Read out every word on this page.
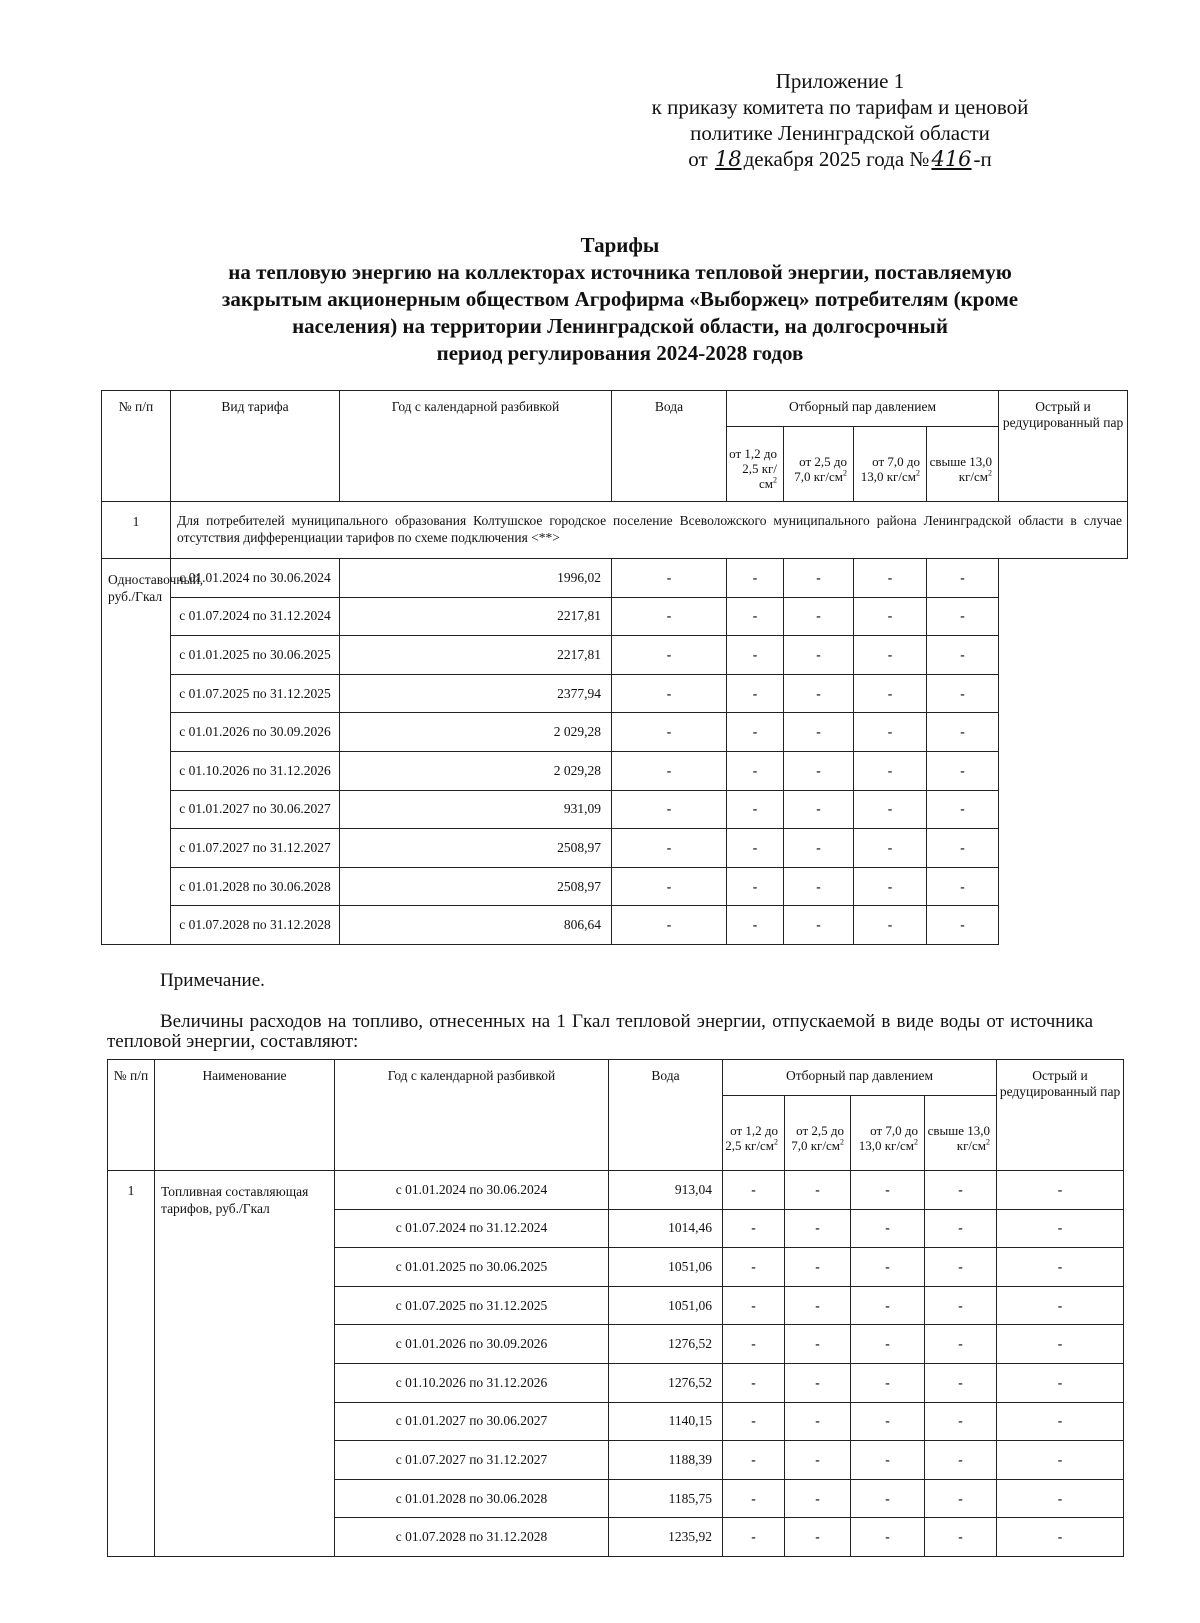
Приложение 1
к приказу комитета по тарифам и ценовой
политике Ленинградской области
от 18декабря 2025 года №416-п
Тарифы
на тепловую энергию на коллекторах источника тепловой энергии, поставляемую
закрытым акционерным обществом Агрофирма «Выборжец» потребителям (кроме
населения) на территории Ленинградской области, на долгосрочный
период регулирования 2024-2028 годов
№ п/п	Вид тарифа	Год с календарной разбивкой	Вода	Отборный пар давлением				Острый и редуцированный пар
				от 1,2 до 2,5 $кг/см^2$	от 2,5 до 7,0 $кг/см^2$	от 7,0 до 13,0 $кг/см^2$	свыше 13,0 $кг/см^2$
1	Для потребителей муниципального образования Колтушское городское поселение Всеволожского муниципального района Ленинградской области в случае отсутствия дифференциации тарифов по схеме подключения <**>							
Одноставочный, руб./Гкал	с 01.01.2024 по 30.06.2024	1996,02	-	-	-	-	-	
	с 01.07.2024 по 31.12.2024	2217,81	-	-	-	-	-	
	с 01.01.2025 по 30.06.2025	2217,81	-	-	-	-	-	
	с 01.07.2025 по 31.12.2025	2377,94	-	-	-	-	-	
	с 01.01.2026 по 30.09.2026	2 029,28	-	-	-	-	-	
	с 01.10.2026 по 31.12.2026	2 029,28	-	-	-	-	-	
	с 01.01.2027 по 30.06.2027	931,09	-	-	-	-	-	
	с 01.07.2027 по 31.12.2027	2508,97	-	-	-	-	-	
	с 01.01.2028 по 30.06.2028	2508,97	-	-	-	-	-	
	с 01.07.2028 по 31.12.2028	806,64	-	-	-	-	-	
Примечание.
Величины расходов на топливо, отнесенных на 1 Гкал тепловой энергии, отпускаемой в виде воды от источника тепловой энергии, составляют:
№ п/п	Наименование	Год с календарной разбивкой	Вода	Отборный пар давлением				Острый и редуцированный пар
				от 1,2 до 2,5 $кг/см^2$	от 2,5 до 7,0 $кг/см^2$	от 7,0 до 13,0 $кг/см^2$	свыше 13,0 $кг/см^2$
1	Топливная составляющая тарифов, руб./Гкал	с 01.01.2024 по 30.06.2024	913,04	-	-	-	-	-
		с 01.07.2024 по 31.12.2024	1014,46	-	-	-	-	-
		с 01.01.2025 по 30.06.2025	1051,06	-	-	-	-	-
		с 01.07.2025 по 31.12.2025	1051,06	-	-	-	-	-
		с 01.01.2026 по 30.09.2026	1276,52	-	-	-	-	-
		с 01.10.2026 по 31.12.2026	1276,52	-	-	-	-	-
		с 01.01.2027 по 30.06.2027	1140,15	-	-	-	-	-
		с 01.07.2027 по 31.12.2027	1188,39	-	-	-	-	-
		с 01.01.2028 по 30.06.2028	1185,75	-	-	-	-	-
		с 01.07.2028 по 31.12.2028	1235,92	-	-	-	-	-
